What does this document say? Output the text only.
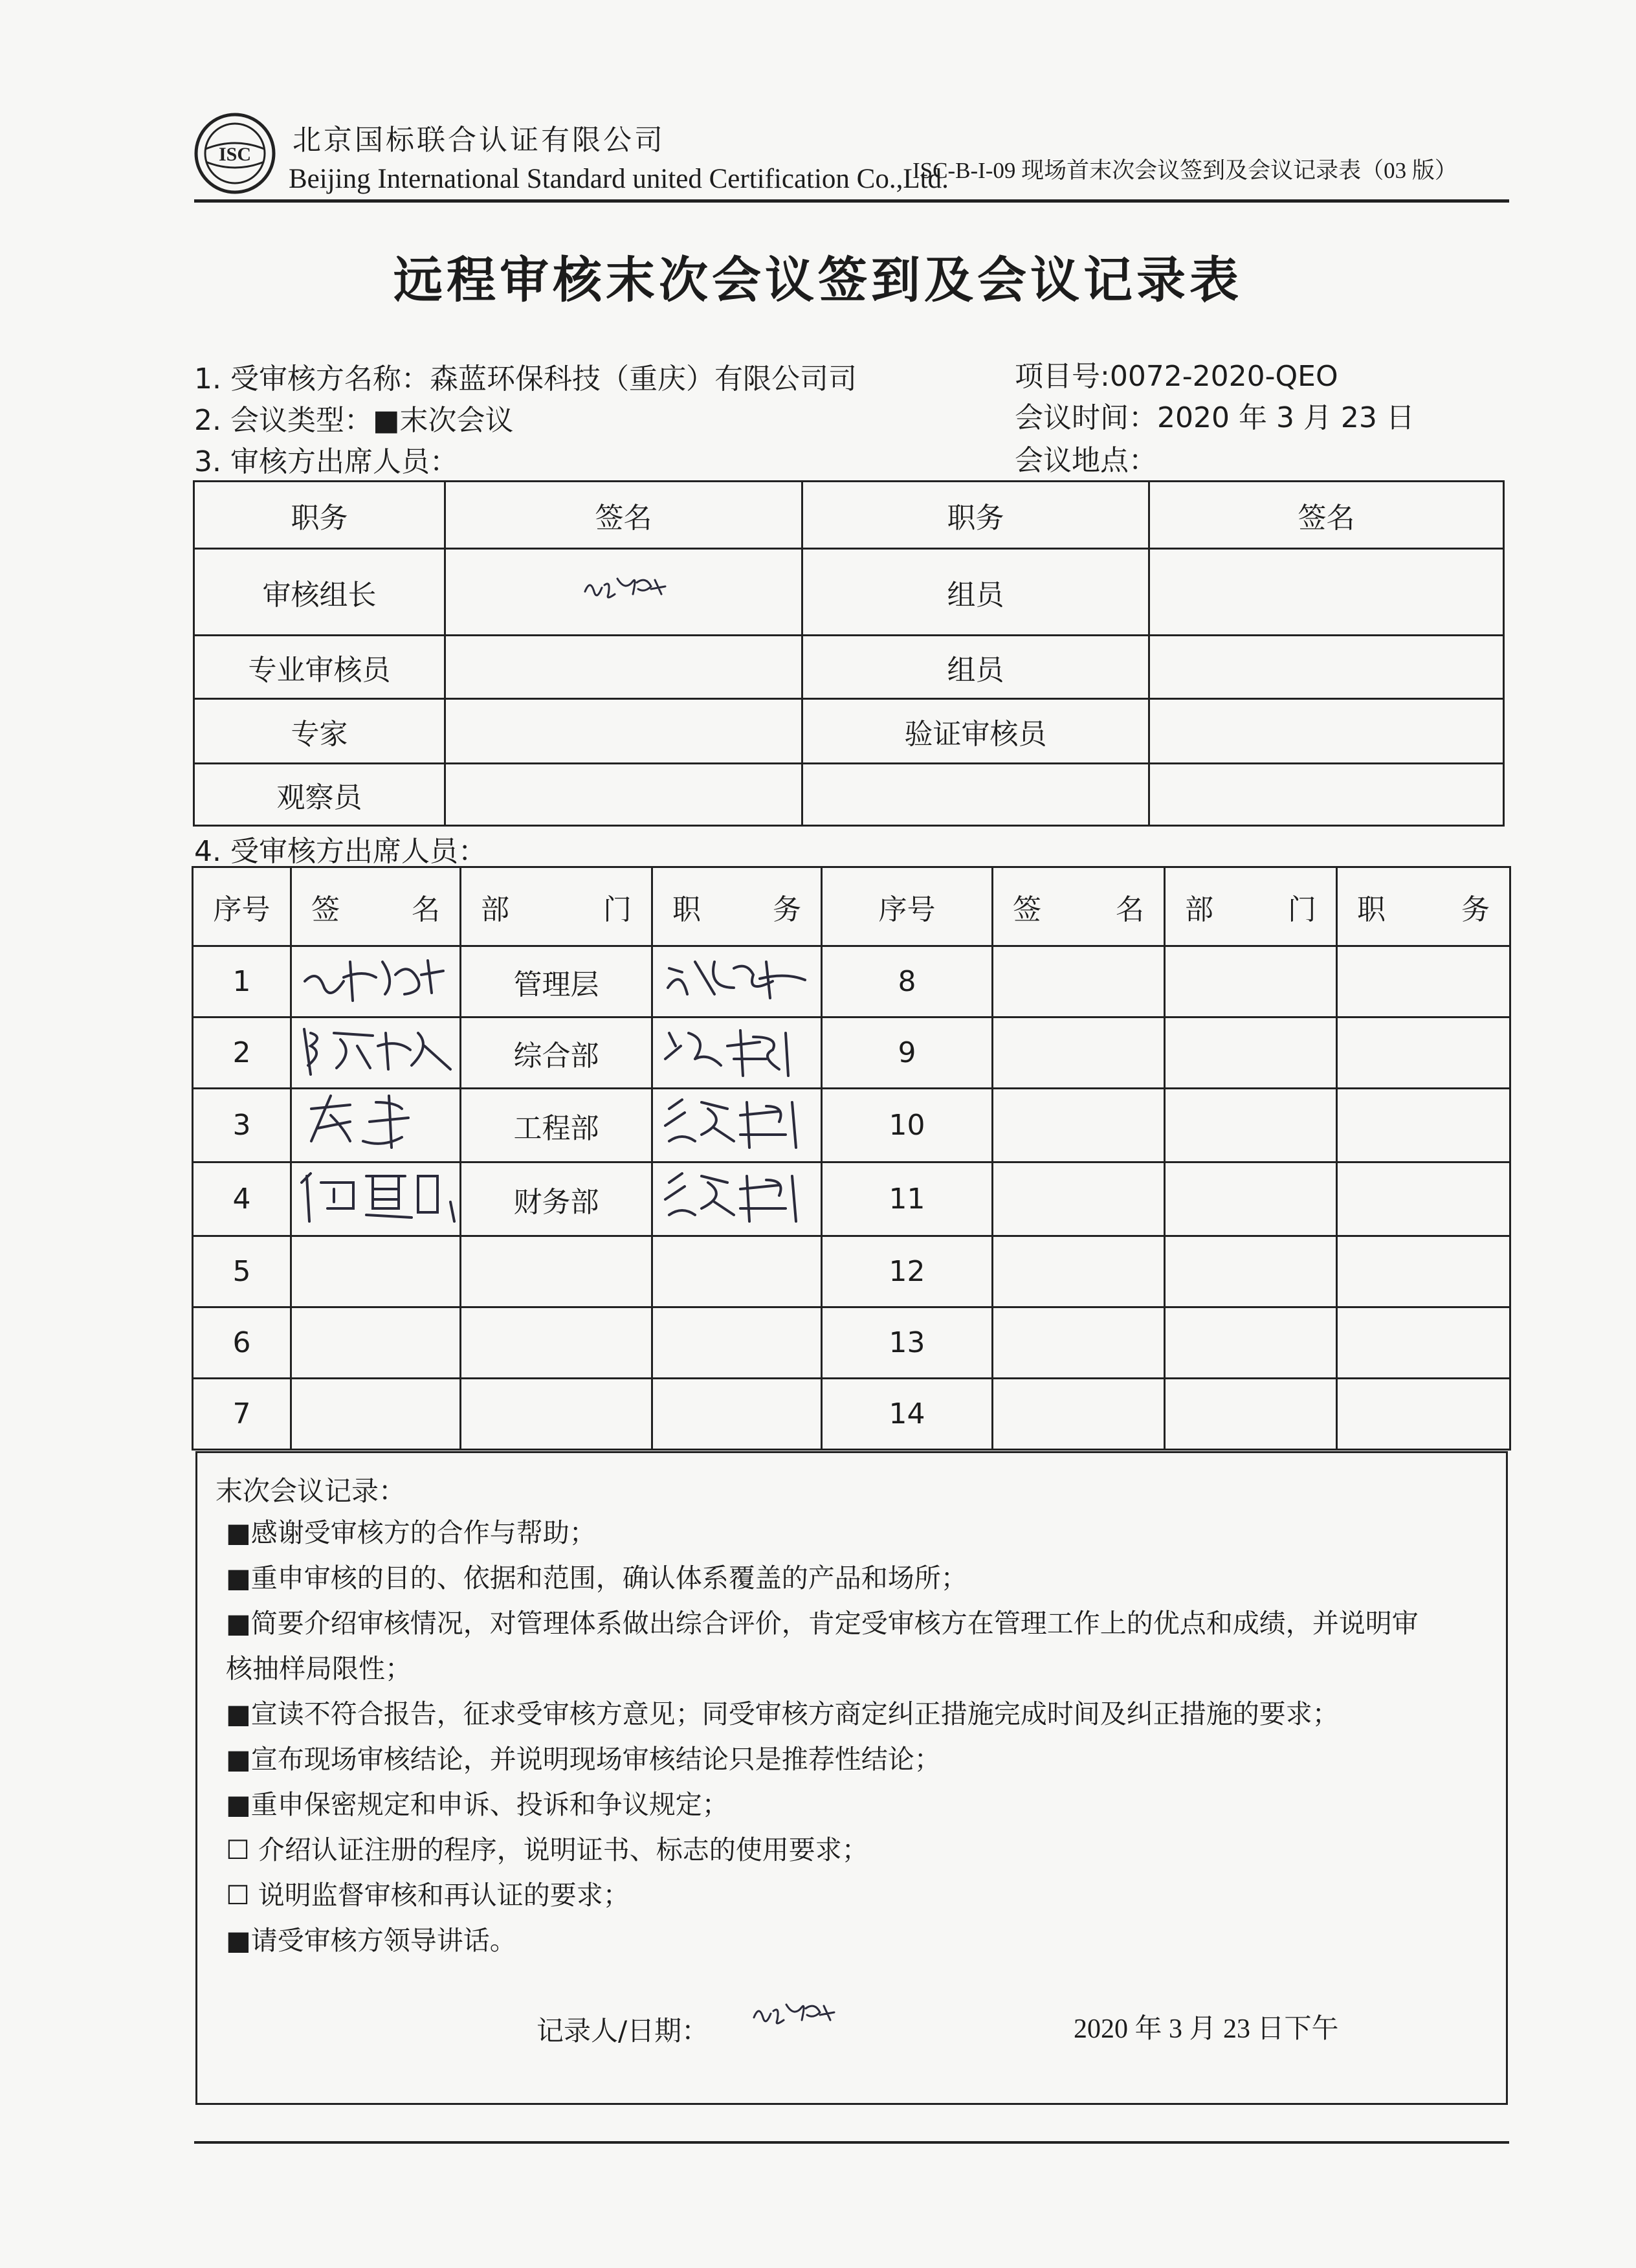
ISC 北京国标联合认证有限公司
Beijing International Standard united Certification Co.,Ltd.
ISC-B-I-09 现场首末次会议签到及会议记录表（03 版）
远程审核末次会议签到及会议记录表
1. 受审核方名称：森蓝环保科技（重庆）有限公司司
2. 会议类型：■末次会议
3. 审核方出席人员：
项目号:0072-2020-QEO
会议时间：2020 年 3 月 23 日
会议地点：
职务	签名	职务	签名
审核组长		组员	
专业审核员		组员	
专家		验证审核员	
观察员			
4. 受审核方出席人员：
序号	签 名	部 门	职 务	序号	签 名	部 门	职 务

1		管理层		8			
2		综合部		9			
3		工程部		10			
4		财务部		11			
5				12			
6				13			
7				14			
末次会议记录：
■感谢受审核方的合作与帮助；
■重申审核的目的、依据和范围，确认体系覆盖的产品和场所；
■简要介绍审核情况，对管理体系做出综合评价，肯定受审核方在管理工作上的优点和成绩，并说明审
核抽样局限性；
■宣读不符合报告，征求受审核方意见；同受审核方商定纠正措施完成时间及纠正措施的要求；
■宣布现场审核结论，并说明现场审核结论只是推荐性结论；
■重申保密规定和申诉、投诉和争议规定；
☐ 介绍认证注册的程序，说明证书、标志的使用要求；
☐ 说明监督审核和再认证的要求；
■请受审核方领导讲话。
记录人/日期：	2020 年 3 月 23 日下午
